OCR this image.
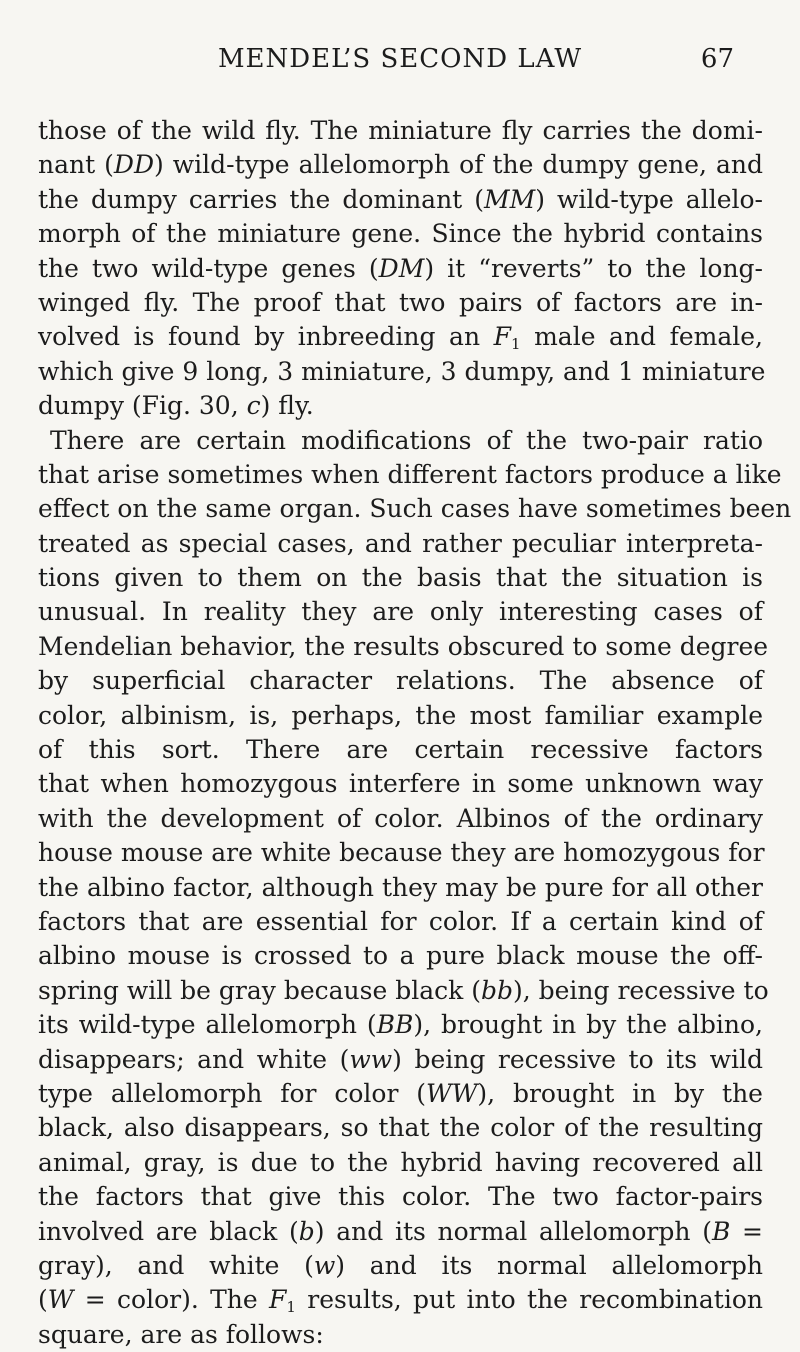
MENDEL’S SECOND LAW	67
those of the wild fly. The miniature fly carries the domi-
nant (DD) wild-type allelomorph of the dumpy gene, and
the dumpy carries the dominant (MM) wild-type allelo-
morph of the miniature gene. Since the hybrid contains
the two wild-type genes (DM) it “reverts” to the long-
winged fly. The proof that two pairs of factors are in-
volved is found by inbreeding an $F_1$ male and female,
which give 9 long, 3 miniature, 3 dumpy, and 1 miniature
dumpy (Fig. 30, c) fly.
There are certain modifications of the two-pair ratio
that arise sometimes when different factors produce a like
effect on the same organ. Such cases have sometimes been
treated as special cases, and rather peculiar interpreta-
tions given to them on the basis that the situation is
unusual. In reality they are only interesting cases of
Mendelian behavior, the results obscured to some degree
by superficial character relations. The absence of
color, albinism, is, perhaps, the most familiar example
of this sort. There are certain recessive factors
that when homozygous interfere in some unknown way
with the development of color. Albinos of the ordinary
house mouse are white because they are homozygous for
the albino factor, although they may be pure for all other
factors that are essential for color. If a certain kind of
albino mouse is crossed to a pure black mouse the off-
spring will be gray because black (bb), being recessive to
its wild-type allelomorph (BB), brought in by the albino,
disappears; and white (ww) being recessive to its wild
type allelomorph for color (WW), brought in by the
black, also disappears, so that the color of the resulting
animal, gray, is due to the hybrid having recovered all
the factors that give this color. The two factor-pairs
involved are black (b) and its normal allelomorph (B =
gray), and white (w) and its normal allelomorph
(W = color). The $F_1$ results, put into the recombination
square, are as follows:
